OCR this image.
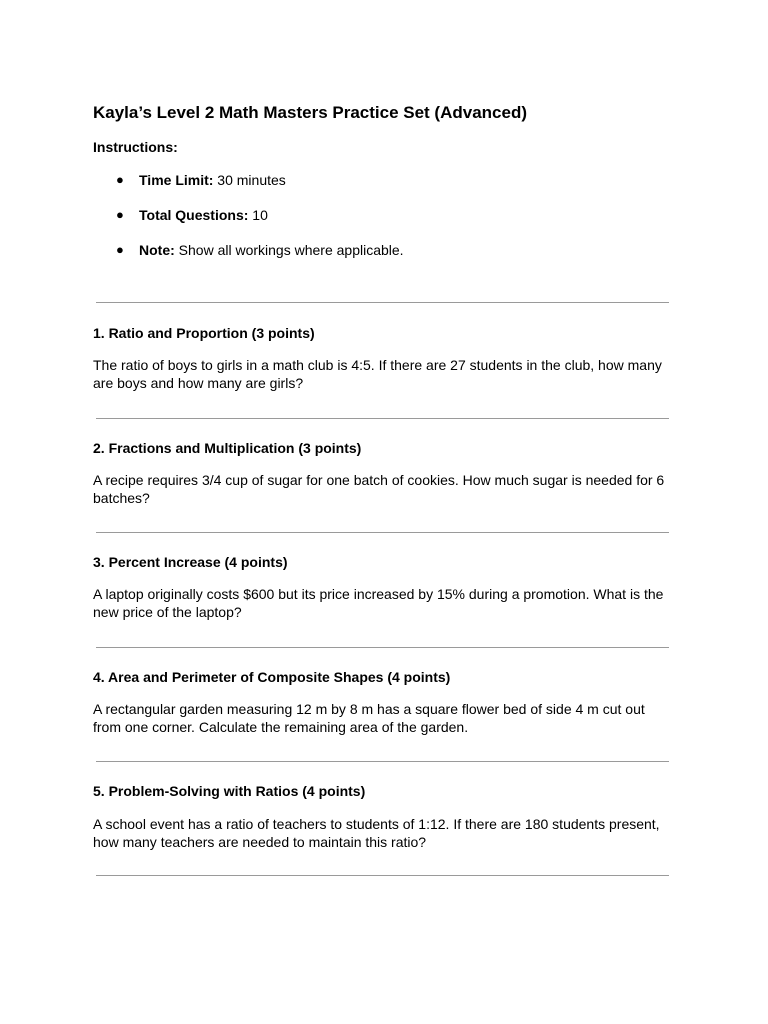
Kayla’s Level 2 Math Masters Practice Set (Advanced)
Instructions:
● Time Limit: 30 minutes
● Total Questions: 10
● Note: Show all workings where applicable.
1. Ratio and Proportion (3 points)

The ratio of boys to girls in a math club is 4:5. If there are 27 students in the club, how many are boys and how many are girls?

2. Fractions and Multiplication (3 points)

A recipe requires 3/4 cup of sugar for one batch of cookies. How much sugar is needed for 6 batches?

3. Percent Increase (4 points)

A laptop originally costs $600 but its price increased by 15% during a promotion. What is the new price of the laptop?

4. Area and Perimeter of Composite Shapes (4 points)

A rectangular garden measuring 12 m by 8 m has a square flower bed of side 4 m cut out from one corner. Calculate the remaining area of the garden.

5. Problem-Solving with Ratios (4 points)

A school event has a ratio of teachers to students of 1:12. If there are 180 students present, how many teachers are needed to maintain this ratio?
